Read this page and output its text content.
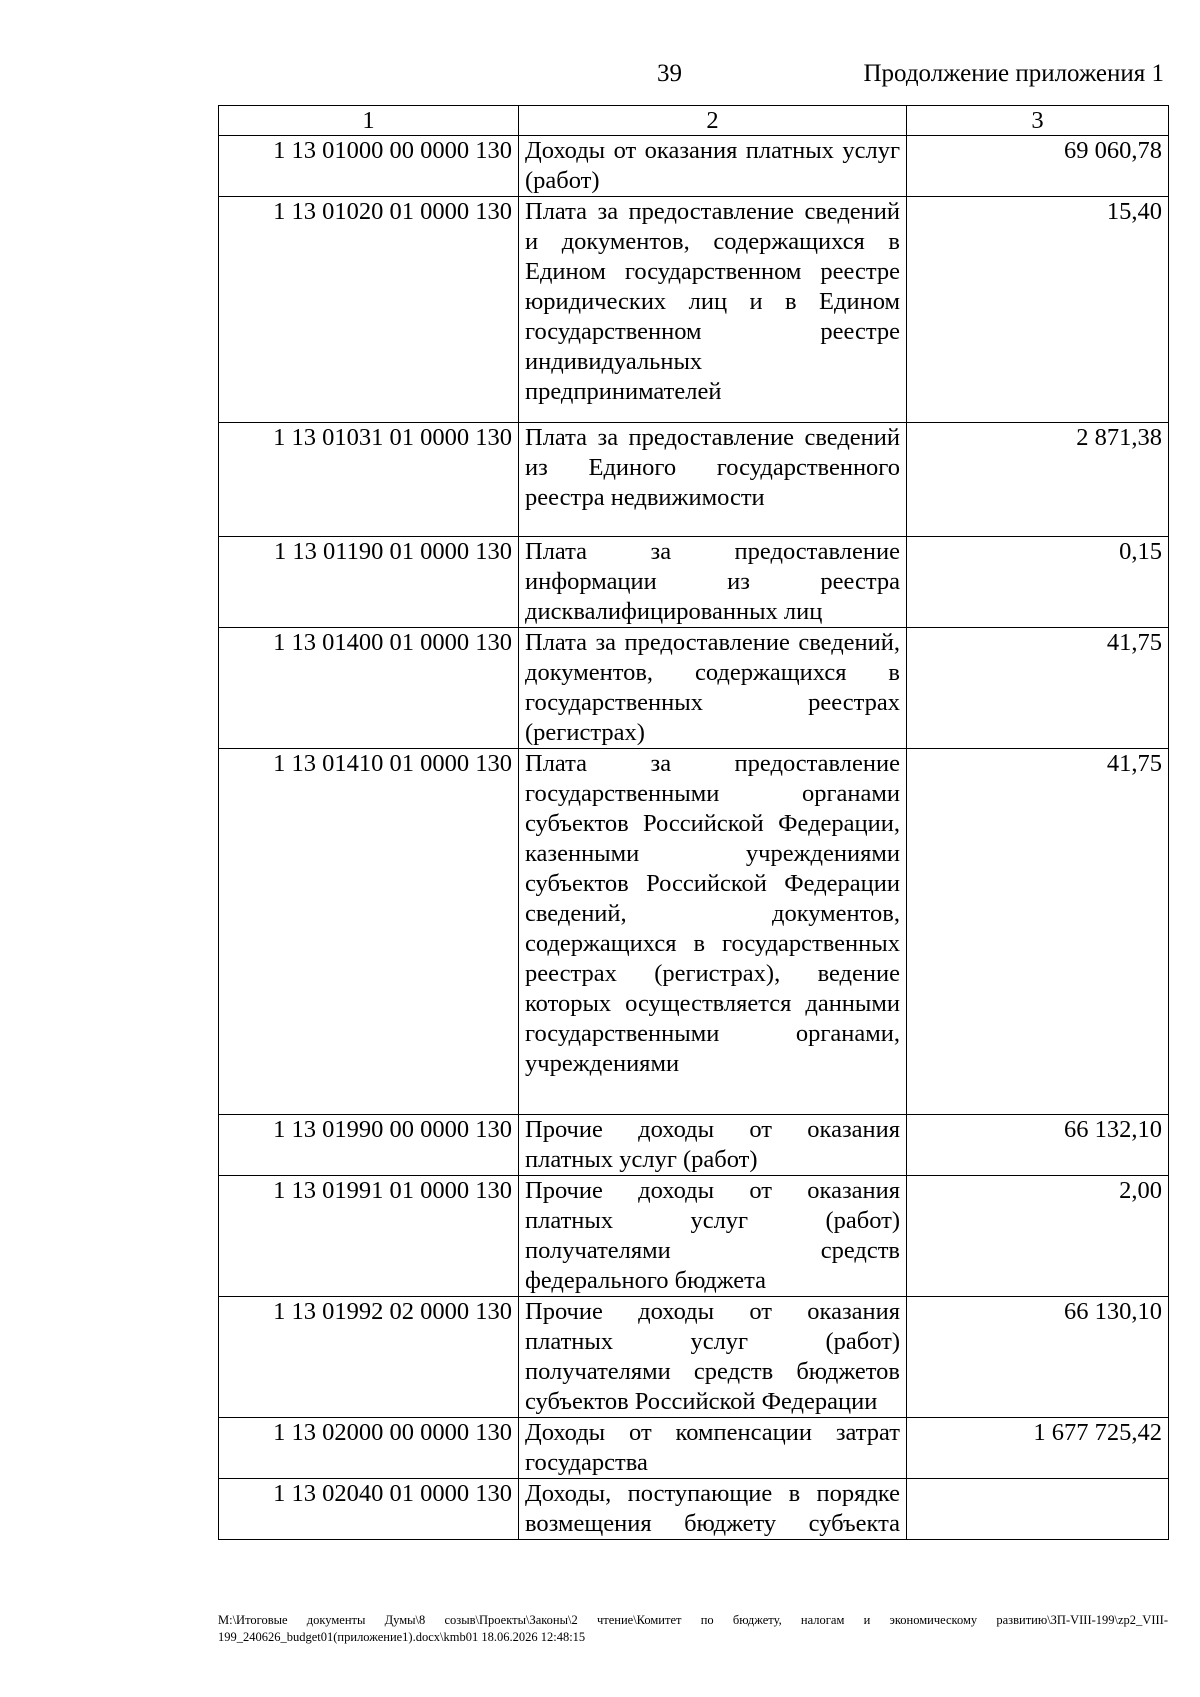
39	Продолжение приложения 1
1	2	3
1 13 01000 00 0000 130	Доходы от оказания платных услуг (работ)	69 060,78
1 13 01020 01 0000 130	Плата за предоставление сведений и документов, содержащихся в Едином государственном реестре юридических лиц и в Едином государственном реестре индивидуальных предпринимателей	15,40
1 13 01031 01 0000 130	Плата за предоставление сведений из Единого государственного реестра недвижимости	2 871,38
1 13 01190 01 0000 130	Плата за предоставление информации из реестра дисквалифицированных лиц	0,15
1 13 01400 01 0000 130	Плата за предоставление сведений, документов, содержащихся в государственных реестрах (регистрах)	41,75
1 13 01410 01 0000 130	Плата за предоставление государственными органами субъектов Российской Федерации, казенными учреждениями субъектов Российской Федерации сведений, документов, содержащихся в государственных реестрах (регистрах), ведение которых осуществляется данными государственными органами, учреждениями	41,75
1 13 01990 00 0000 130	Прочие доходы от оказания платных услуг (работ)	66 132,10
1 13 01991 01 0000 130	Прочие доходы от оказания платных услуг (работ) получателями средств федерального бюджета	2,00
1 13 01992 02 0000 130	Прочие доходы от оказания платных услуг (работ) получателями средств бюджетов субъектов Российской Федерации	66 130,10
1 13 02000 00 0000 130	Доходы от компенсации затрат государства	1 677 725,42
1 13 02040 01 0000 130	Доходы, поступающие в порядке возмещения бюджету субъекта	
M:\Итоговые документы Думы\8 созыв\Проекты\Законы\2 чтение\Комитет по бюджету, налогам и экономическому развитию\ЗП-VIII-199\zp2_VIII-199_240626_budget01(приложение1).docx\kmb01 18.06.2026 12:48:15
